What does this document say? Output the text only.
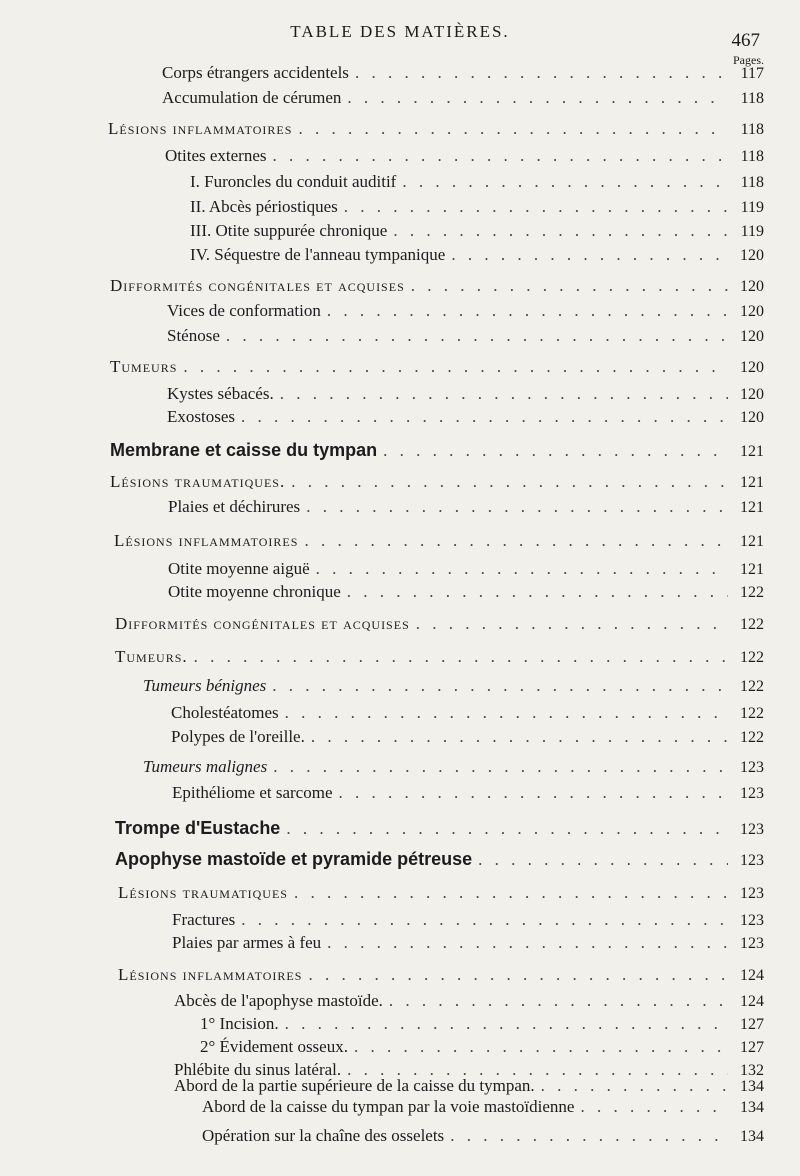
TABLE DES MATIÈRES.	467
Pages.
Corps étrangers accidentels . . .	117
Accumulation de cérumen . . .	118
Lésions inflammatoires . . .	118
Otites externes . . .	118
I. Furoncles du conduit auditif . . .	118
II. Abcès périostiques . . .	119
III. Otite suppurée chronique . . .	119
IV. Séquestre de l'anneau tympanique . . .	120
Difformités congénitales et acquises . . .	120
Vices de conformation . . .	120
Sténose . . .	120
Tumeurs . . .	120
Kystes sébacés. . . .	120
Exostoses . . .	120
Membrane et caisse du tympan . . .	121
Lésions traumatiques. . . .	121
Plaies et déchirures . . .	121
Lésions inflammatoires . . .	121
Otite moyenne aiguë . . .	121
Otite moyenne chronique . . .	122
Difformités congénitales et acquises . . .	122
Tumeurs. . . .	122
Tumeurs bénignes . . .	122
Cholestéatomes . . .	122
Polypes de l'oreille. . . .	122
Tumeurs malignes . . .	123
Epithéliome et sarcome . . .	123
Trompe d'Eustache . . .	123
Apophyse mastoïde et pyramide pétreuse . . .	123
Lésions traumatiques . . .	123
Fractures . . .	123
Plaies par armes à feu . . .	123
Lésions inflammatoires . . .	124
Abcès de l'apophyse mastoïde. . . .	124
1° Incision. . . .	127
2° Évidement osseux. . . .	127
Phlébite du sinus latéral. . . .	132
Abord de la partie supérieure de la caisse du tympan. . . .	134
Abord de la caisse du tympan par la voie mastoïdienne . . .	134
Opération sur la chaîne des osselets . . .	134
